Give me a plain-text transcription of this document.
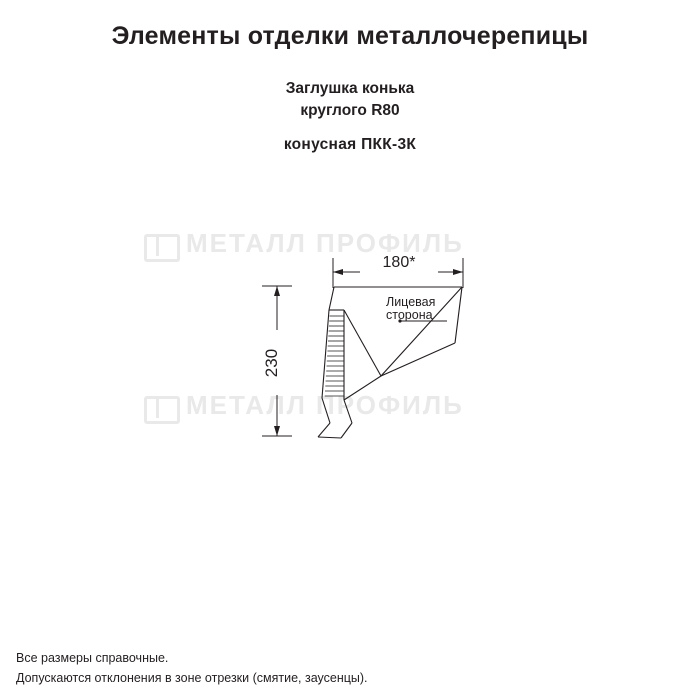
Элементы отделки металлочерепицы
Заглушка конька
круглого R80
конусная ПКК-3К
МЕТАЛЛ ПРОФИЛЬ
МЕТАЛЛ ПРОФИЛЬ
180*
230
Лицевая
сторона
Все размеры справочные.
Допускаются отклонения в зоне отрезки (смятие, заусенцы).
